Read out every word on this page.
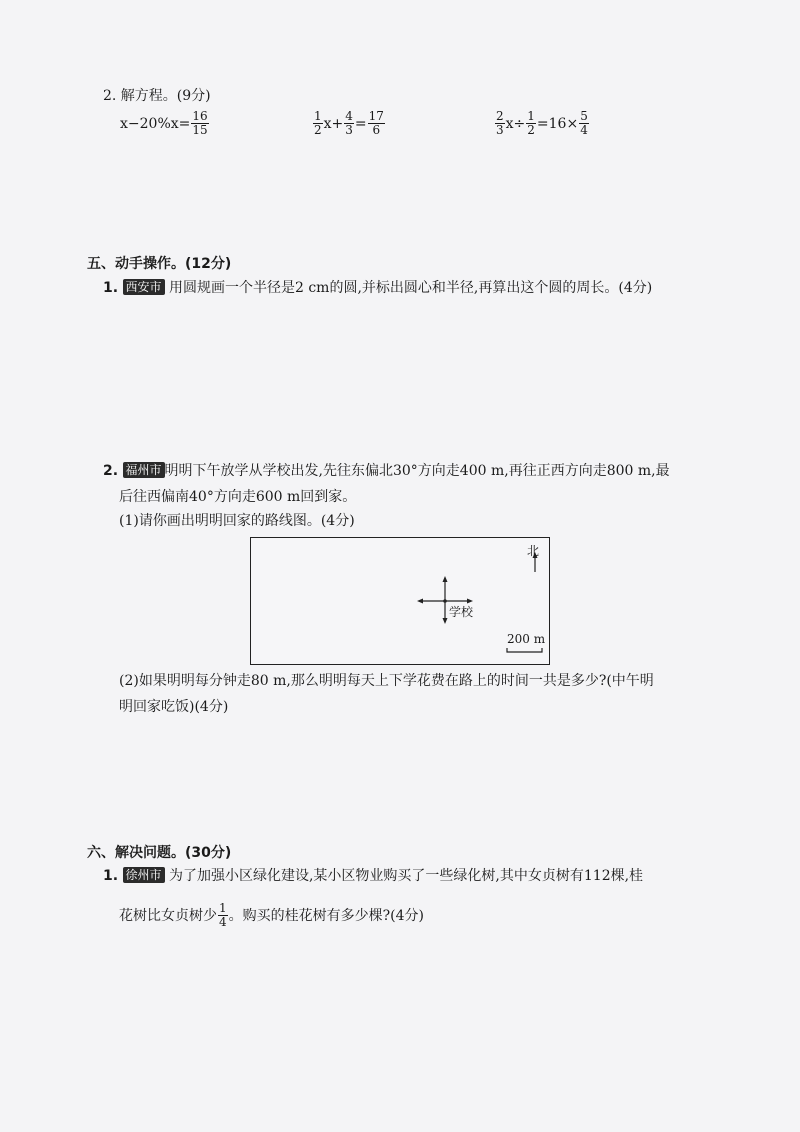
2. 解方程。(9分)
$x-20\%x= \frac{16}{15}$	$\frac{1}{2} x+ \frac{4}{3} = \frac{17}{6}$	$\frac{2}{3} x\div \frac{1}{2} =16\times \frac{5}{4}$
五、动手操作。(12分)
1. 西安市 用圆规画一个半径是2 cm的圆,并标出圆心和半径,再算出这个圆的周长。(4分)
2. 福州市 明明下午放学从学校出发,先往东偏北30°方向走400 m,再往正西方向走800 m,最
后往西偏南40°方向走600 m回到家。
(1)请你画出明明回家的路线图。(4分)
北
学校
200 m
(2)如果明明每分钟走80 m,那么明明每天上下学花费在路上的时间一共是多少?(中午明
明回家吃饭)(4分)
六、解决问题。(30分)
1. 徐州市 为了加强小区绿化建设,某小区物业购买了一些绿化树,其中女贞树有112棵,桂
花树比女贞树少 $\frac{1}{4}$ 。购买的桂花树有多少棵?(4分)
